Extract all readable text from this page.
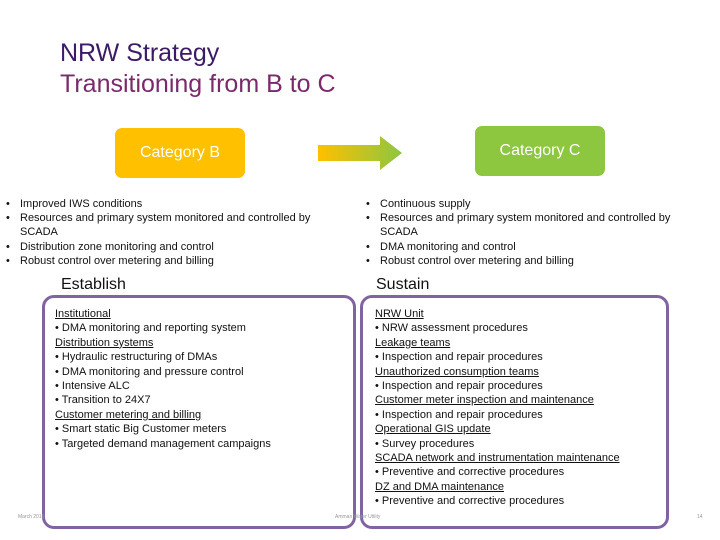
NRW Strategy
Transitioning from B to C
Category B	Category C
• Improved IWS conditions
• Resources and primary system monitored and controlled by SCADA
• Distribution zone monitoring and control
• Robust control over metering and billing
• Continuous supply
• Resources and primary system monitored and controlled by SCADA
• DMA monitoring and control
• Robust control over metering and billing
Establish	Sustain
Institutional
• DMA monitoring and reporting system
Distribution systems
• Hydraulic restructuring of DMAs
• DMA monitoring and pressure control
• Intensive ALC
• Transition to 24X7
Customer metering and billing
• Smart static Big Customer meters
• Targeted demand management campaigns
NRW Unit
• NRW assessment procedures
Leakage teams
• Inspection and repair procedures
Unauthorized consumption teams
• Inspection and repair procedures
Customer meter inspection and maintenance
• Inspection and repair procedures
Operational GIS update
• Survey procedures
SCADA network and instrumentation maintenance
• Preventive and corrective procedures
DZ and DMA maintenance
• Preventive and corrective procedures
March 2016	Amman Water Utility	14
